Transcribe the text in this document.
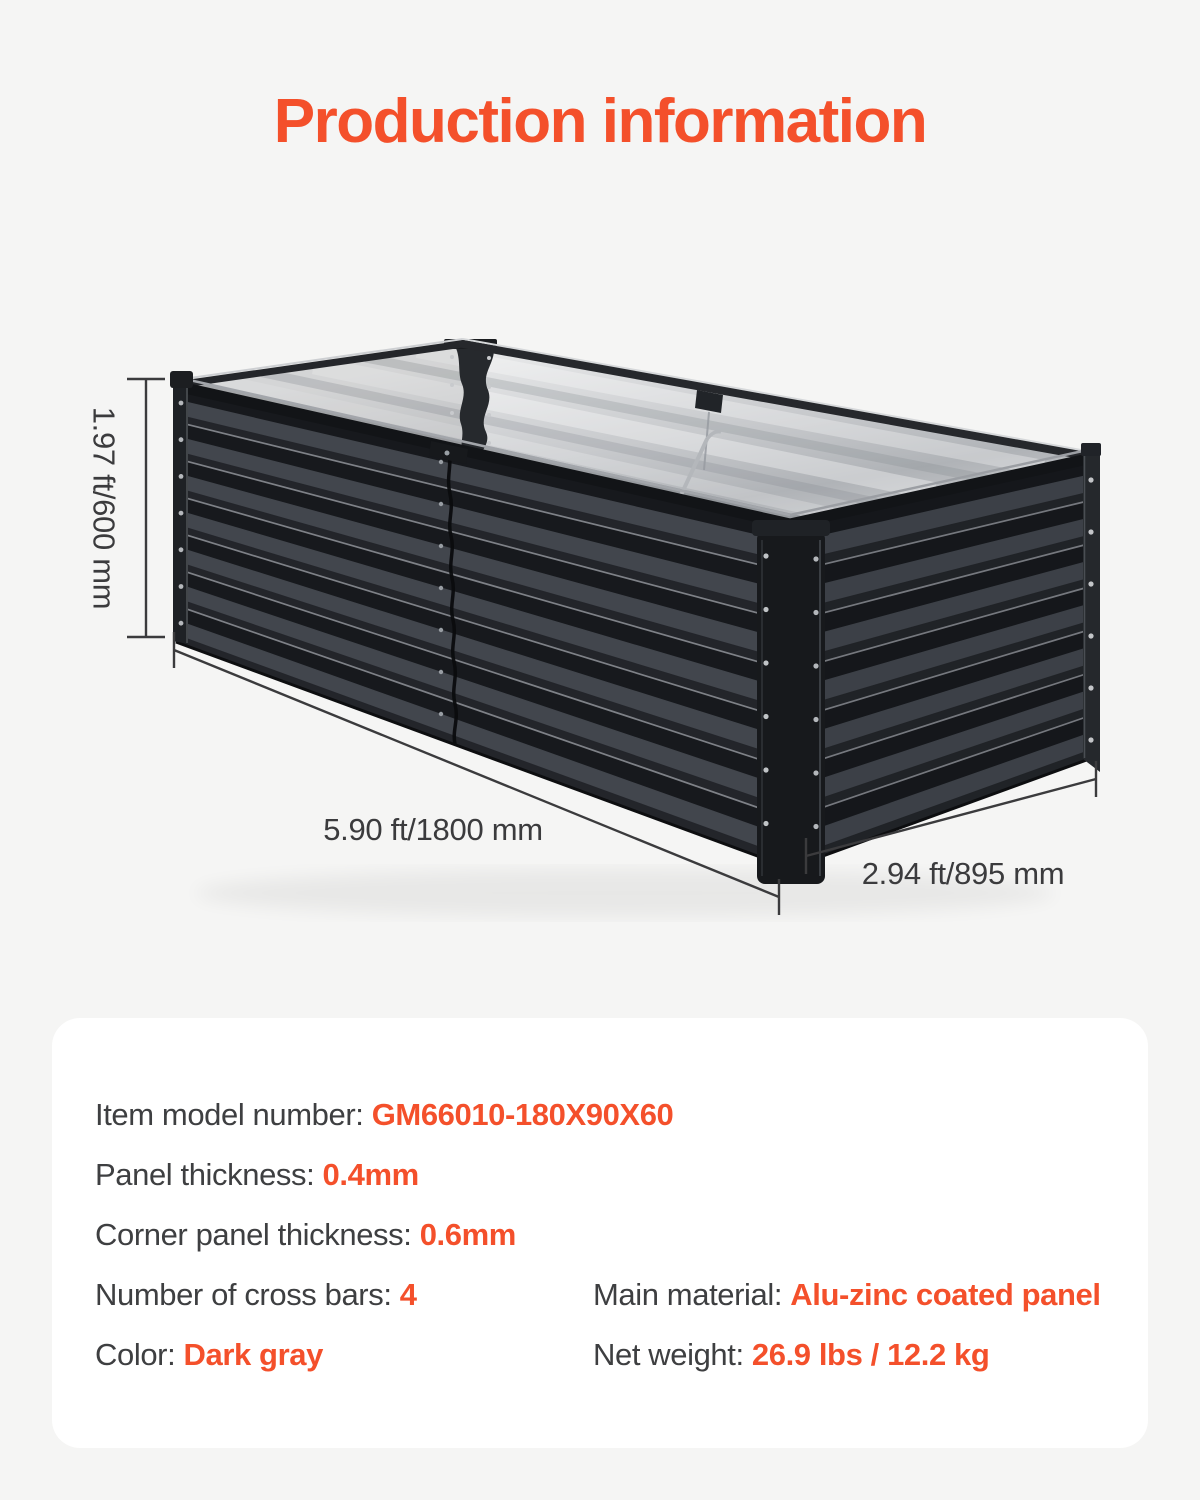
Production information
1.97 ft/600 mm
5.90 ft/1800 mm
2.94 ft/895 mm
Item model number: GM66010-180X90X60
Panel thickness: 0.4mm
Corner panel thickness: 0.6mm
Number of cross bars: 4
Color: Dark gray
Main material: Alu-zinc coated panel
Net weight: 26.9 lbs / 12.2 kg
